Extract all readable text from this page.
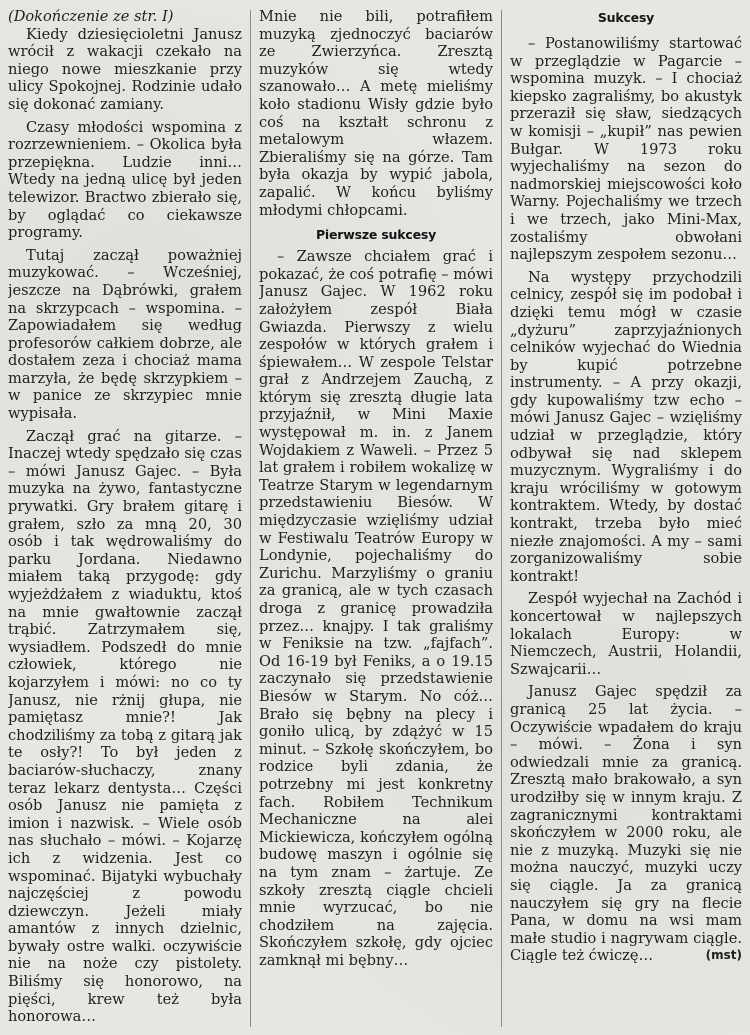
(Dokończenie ze str. I)

Kiedy dziesięcioletni Janusz wrócił z wakacji czekało na niego nowe mieszkanie przy ulicy Spokojnej. Rodzinie udało się dokonać zamiany.

Czasy młodości wspomina z rozrzewnieniem. – Okolica była przepiękna. Ludzie inni… Wtedy na jedną ulicę był jeden telewizor. Bractwo zbierało się, by oglądać co ciekawsze programy.

Tutaj zaczął poważniej muzykować. – Wcześniej, jeszcze na Dąbrówki, grałem na skrzypcach – wspomina. – Zapowiadałem się według profesorów całkiem dobrze, ale dostałem zeza i chociaż mama marzyła, że będę skrzypkiem – w panice ze skrzypiec mnie wypisała.

Zaczął grać na gitarze. – Inaczej wtedy spędzało się czas – mówi Janusz Gajec. – Była muzyka na żywo, fantastyczne prywatki. Gry brałem gitarę i grałem, szło za mną 20, 30 osób i tak wędrowaliśmy do parku Jordana. Niedawno miałem taką przygodę: gdy wyjeżdżałem z wiaduktu, ktoś na mnie gwałtownie zaczął trąbić. Zatrzymałem się, wysiadłem. Podszedł do mnie człowiek, którego nie kojarzyłem i mówi: no co ty Janusz, nie rżnij głupa, nie pamiętasz mnie?! Jak chodziliśmy za tobą z gitarą jak te osły?! To był jeden z baciarów-słuchaczy, znany teraz lekarz dentysta… Części osób Janusz nie pamięta z imion i nazwisk. – Wiele osób nas słuchało – mówi. – Kojarzę ich z widzenia. Jest co wspominać. Bijatyki wybuchały najczęściej z powodu dziewczyn. Jeżeli miały amantów z innych dzielnic, bywały ostre walki. oczywiście nie na noże czy pistolety. Biliśmy się honorowo, na pięści, krew też była honorowa…

Mnie nie bili, potrafiłem muzyką zjednoczyć baciarów ze Zwierzyńca. Zresztą muzyków się wtedy szanowało… A metę mieliśmy koło stadionu Wisły gdzie było coś na kształt schronu z metalowym włazem. Zbieraliśmy się na górze. Tam była okazja by wypić jabola, zapalić. W końcu byliśmy młodymi chłopcami.

Pierwsze sukcesy

– Zawsze chciałem grać i pokazać, że coś potrafię – mówi Janusz Gajec. W 1962 roku założyłem zespół Biała Gwiazda. Pierwszy z wielu zespołów w których grałem i śpiewałem… W zespole Telstar grał z Andrzejem Zauchą, z którym się zresztą długie lata przyjaźnił, w Mini Maxie występował m. in. z Janem Wojdakiem z Waweli. – Przez 5 lat grałem i robiłem wokalizę w Teatrze Starym w legendarnym przedstawieniu Biesów. W międzyczasie wzięliśmy udział w Festiwalu Teatrów Europy w Londynie, pojechaliśmy do Zurichu. Marzyliśmy o graniu za granicą, ale w tych czasach droga z granicę prowadziła przez… knajpy. I tak graliśmy w Feniksie na tzw. „fajfach”. Od 16-19 był Feniks, a o 19.15 zaczynało się przedstawienie Biesów w Starym. No cóż… Brało się bębny na plecy i goniło ulicą, by zdążyć w 15 minut. – Szkołę skończyłem, bo rodzice byli zdania, że potrzebny mi jest konkretny fach. Robiłem Technikum Mechaniczne na alei Mickiewicza, kończyłem ogólną budowę maszyn i ogólnie się na tym znam – żartuje. Ze szkoły zresztą ciągle chcieli mnie wyrzucać, bo nie chodziłem na zajęcia. Skończyłem szkołę, gdy ojciec zamknął mi bębny…

Sukcesy

– Postanowiliśmy startować w przeglądzie w Pagarcie – wspomina muzyk. – I chociaż kiepsko zagraliśmy, bo akustyk przeraził się sław, siedzących w komisji – „kupił” nas pewien Bułgar. W 1973 roku wyjechaliśmy na sezon do nadmorskiej miejscowości koło Warny. Pojechaliśmy we trzech i we trzech, jako Mini-Max, zostaliśmy obwołani najlepszym zespołem sezonu…

Na występy przychodzili celnicy, zespół się im podobał i dzięki temu mógł w czasie „dyżuru” zaprzyjaźnionych celników wyjechać do Wiednia by kupić potrzebne instrumenty. – A przy okazji, gdy kupowaliśmy tzw echo – mówi Janusz Gajec – wzięliśmy udział w przeglądzie, który odbywał się nad sklepem muzycznym. Wygraliśmy i do kraju wróciliśmy w gotowym kontraktem. Wtedy, by dostać kontrakt, trzeba było mieć niezłe znajomości. A my – sami zorganizowaliśmy sobie kontrakt!

Zespół wyjechał na Zachód i koncertował w najlepszych lokalach Europy: w Niemczech, Austrii, Holandii, Szwajcarii…

Janusz Gajec spędził za granicą 25 lat życia. – Oczywiście wpadałem do kraju – mówi. – Żona i syn odwiedzali mnie za granicą. Zresztą mało brakowało, a syn urodziłby się w innym kraju. Z zagranicznymi kontraktami skończyłem w 2000 roku, ale nie z muzyką. Muzyki się nie można nauczyć, muzyki uczy się ciągle. Ja za granicą nauczyłem się gry na flecie Pana, w domu na wsi mam małe studio i nagrywam ciągle. Ciągle też ćwiczę…	(mst)
